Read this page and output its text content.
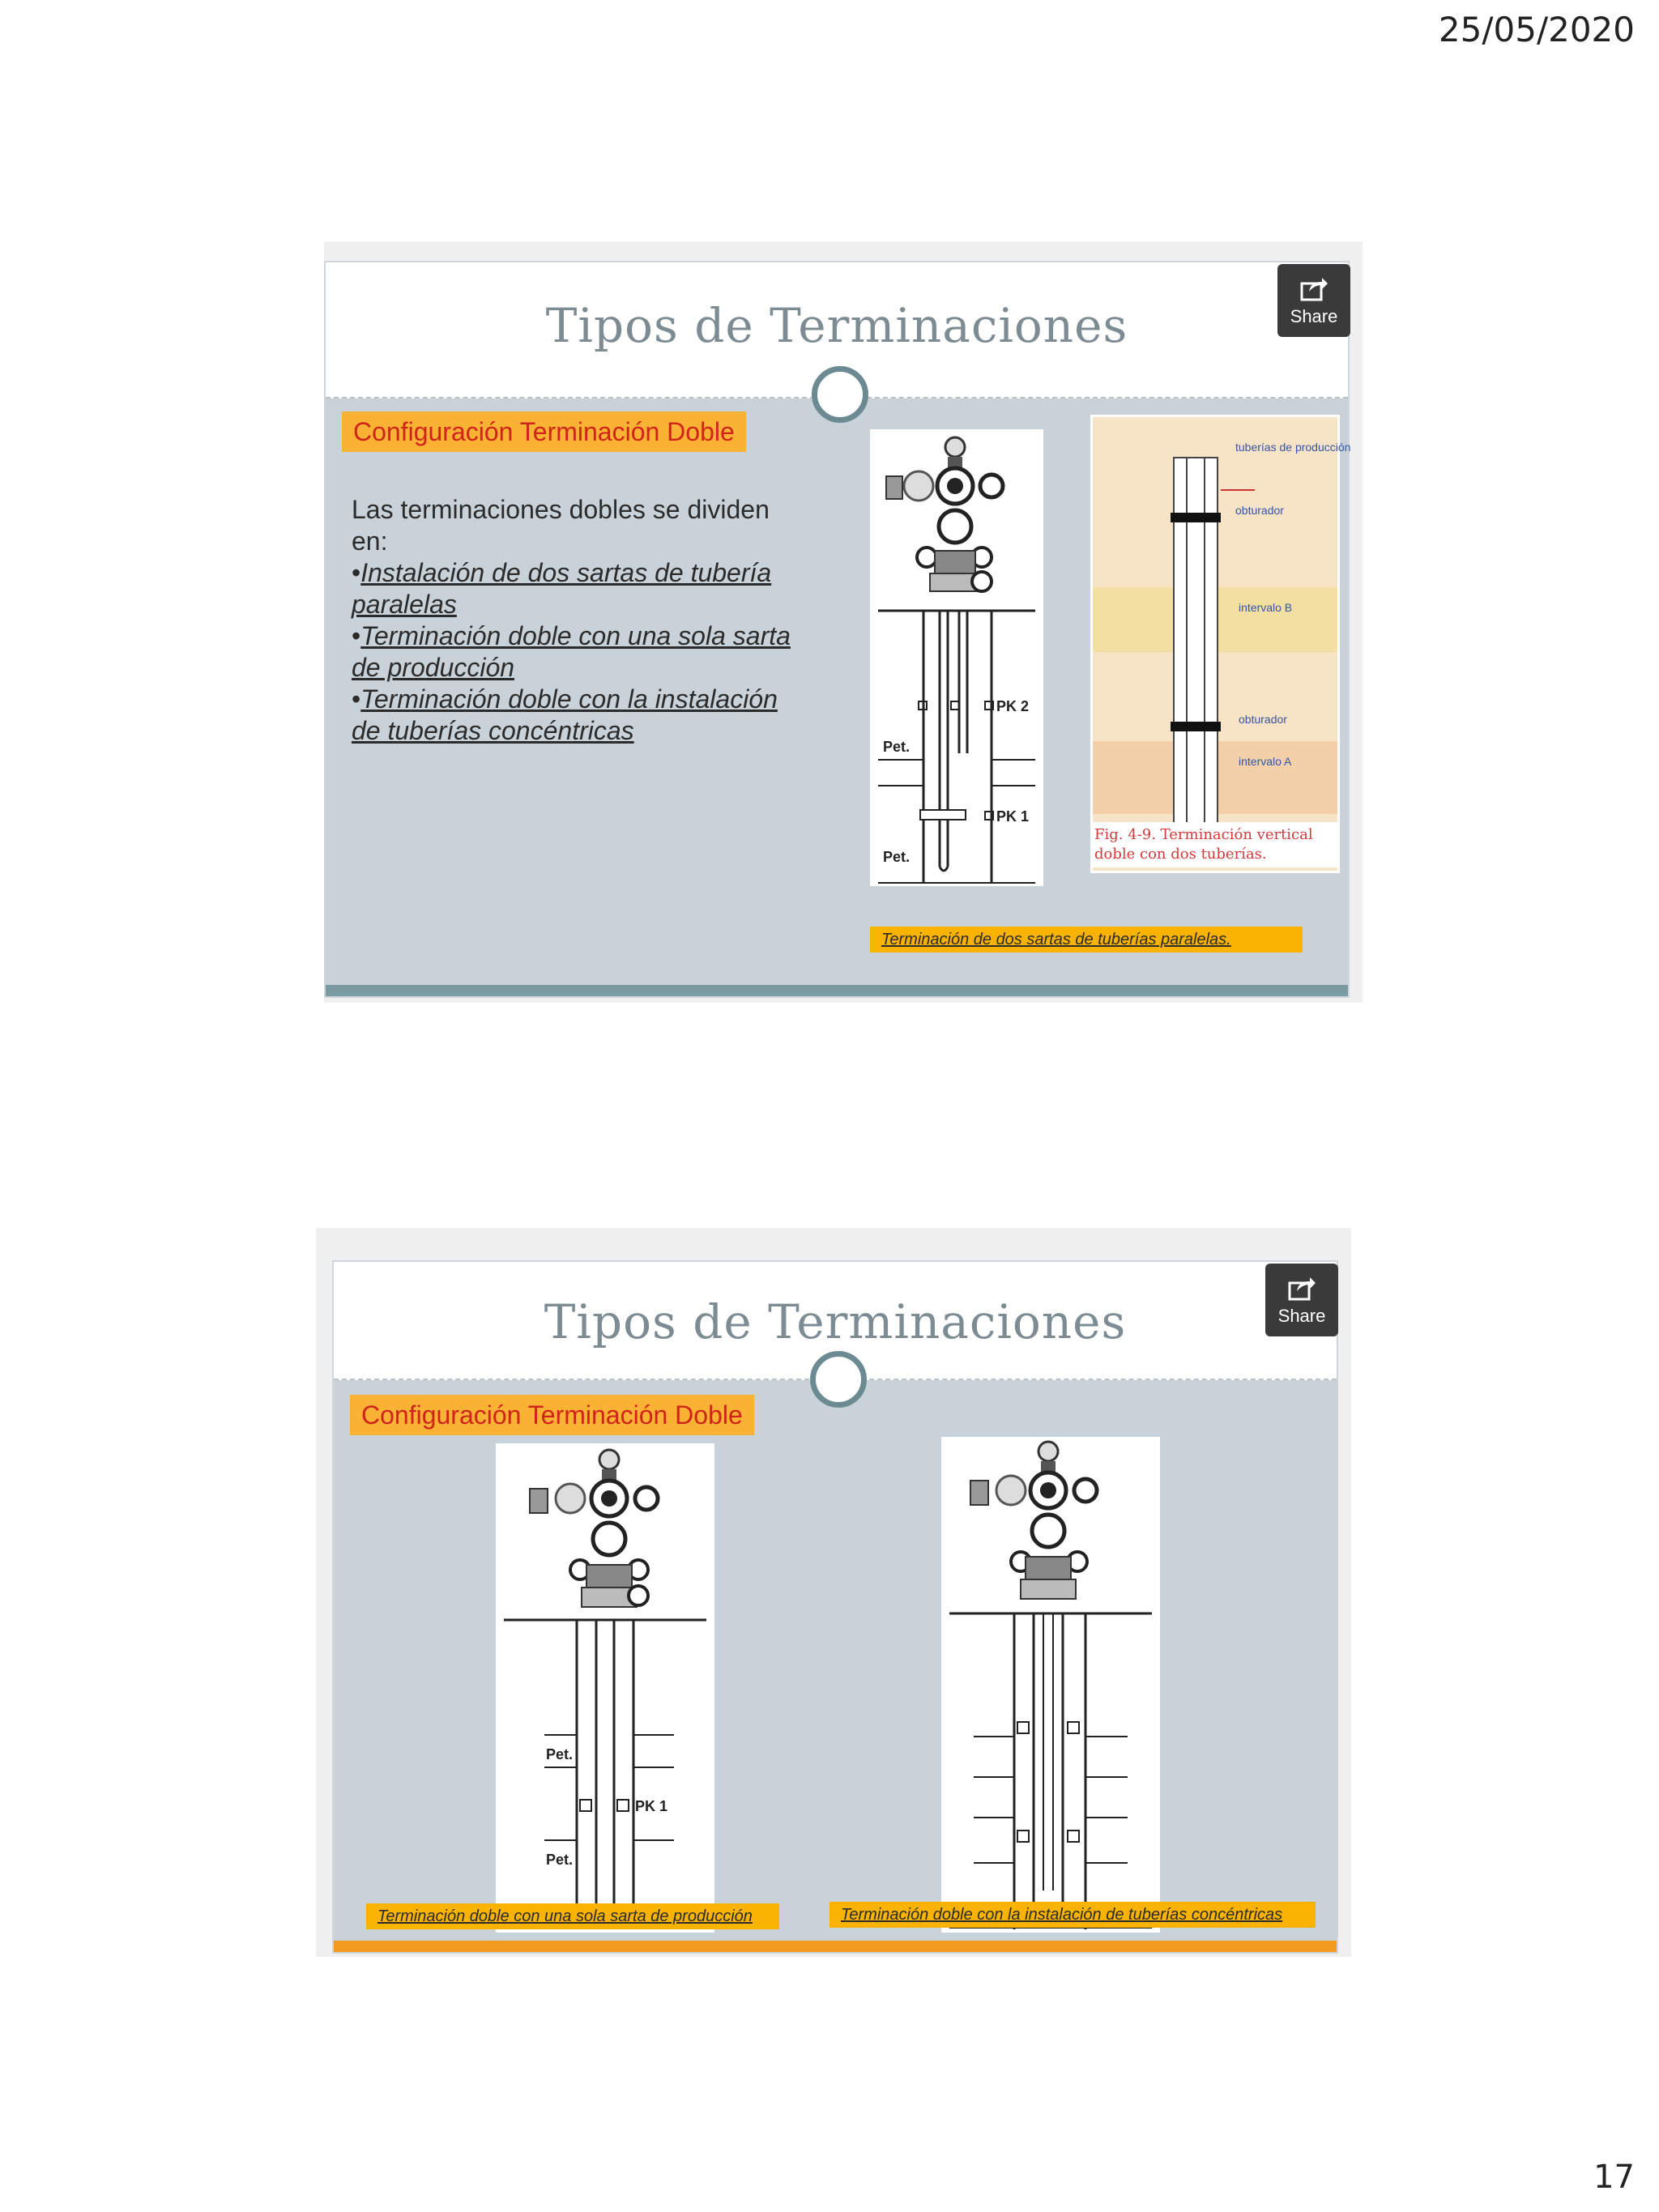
25/05/2020
Tipos de Terminaciones	Share
Configuración Terminación Doble
Las terminaciones dobles se dividen en:
•Instalación de dos sartas de tubería paralelas
•Terminación doble con una sola sarta de producción
•Terminación doble con la instalación de tuberías concéntricas
PK 2
Pet.
PK 1
Pet.
tuberías de producción
obturador
intervalo B
obturador
intervalo A
Fig. 4-9. Terminación vertical doble con dos tuberías.
Terminación de dos sartas de tuberías paralelas.
Tipos de Terminaciones	Share
Configuración Terminación Doble
Pet.
PK 1
Pet.
Terminación doble con una sola sarta de producción	Terminación doble con la instalación de tuberías concéntricas
17
